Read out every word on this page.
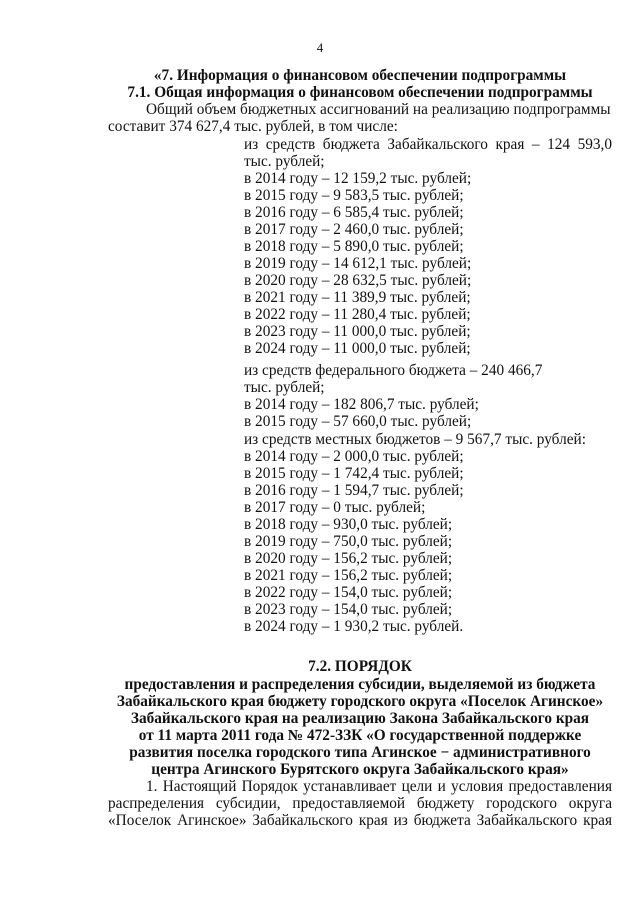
4
«7. Информация о финансовом обеспечении подпрограммы
7.1. Общая информация о финансовом обеспечении подпрограммы
Общий объем бюджетных ассигнований на реализацию подпрограммы
составит 374 627,4 тыс. рублей, в том числе:
из средств бюджета Забайкальского края – 124 593,0
тыс. рублей;
в 2014 году – 12 159,2 тыс. рублей;
в 2015 году – 9 583,5 тыс. рублей;
в 2016 году – 6 585,4 тыс. рублей;
в 2017 году – 2 460,0 тыс. рублей;
в 2018 году – 5 890,0 тыс. рублей;
в 2019 году – 14 612,1 тыс. рублей;
в 2020 году – 28 632,5 тыс. рублей;
в 2021 году – 11 389,9 тыс. рублей;
в 2022 году – 11 280,4 тыс. рублей;
в 2023 году – 11 000,0 тыс. рублей;
в 2024 году – 11 000,0 тыс. рублей;
из средств федерального бюджета – 240 466,7
тыс. рублей;
в 2014 году – 182 806,7 тыс. рублей;
в 2015 году – 57 660,0 тыс. рублей;
из средств местных бюджетов – 9 567,7 тыс. рублей:
в 2014 году – 2 000,0 тыс. рублей;
в 2015 году – 1 742,4 тыс. рублей;
в 2016 году – 1 594,7 тыс. рублей;
в 2017 году – 0 тыс. рублей;
в 2018 году – 930,0 тыс. рублей;
в 2019 году – 750,0 тыс. рублей;
в 2020 году – 156,2 тыс. рублей;
в 2021 году – 156,2 тыс. рублей;
в 2022 году – 154,0 тыс. рублей;
в 2023 году – 154,0 тыс. рублей;
в 2024 году – 1 930,2 тыс. рублей.
7.2. ПОРЯДОК
предоставления и распределения субсидии, выделяемой из бюджета
Забайкальского края бюджету городского округа «Поселок Агинское»
Забайкальского края на реализацию Закона Забайкальского края
от 11 марта 2011 года № 472-ЗЗК «О государственной поддержке
развития поселка городского типа Агинское − административного
центра Агинского Бурятского округа Забайкальского края»
1. Настоящий Порядок устанавливает цели и условия предоставления
распределения субсидии, предоставляемой бюджету городского округа
«Поселок Агинское» Забайкальского края из бюджета Забайкальского края
